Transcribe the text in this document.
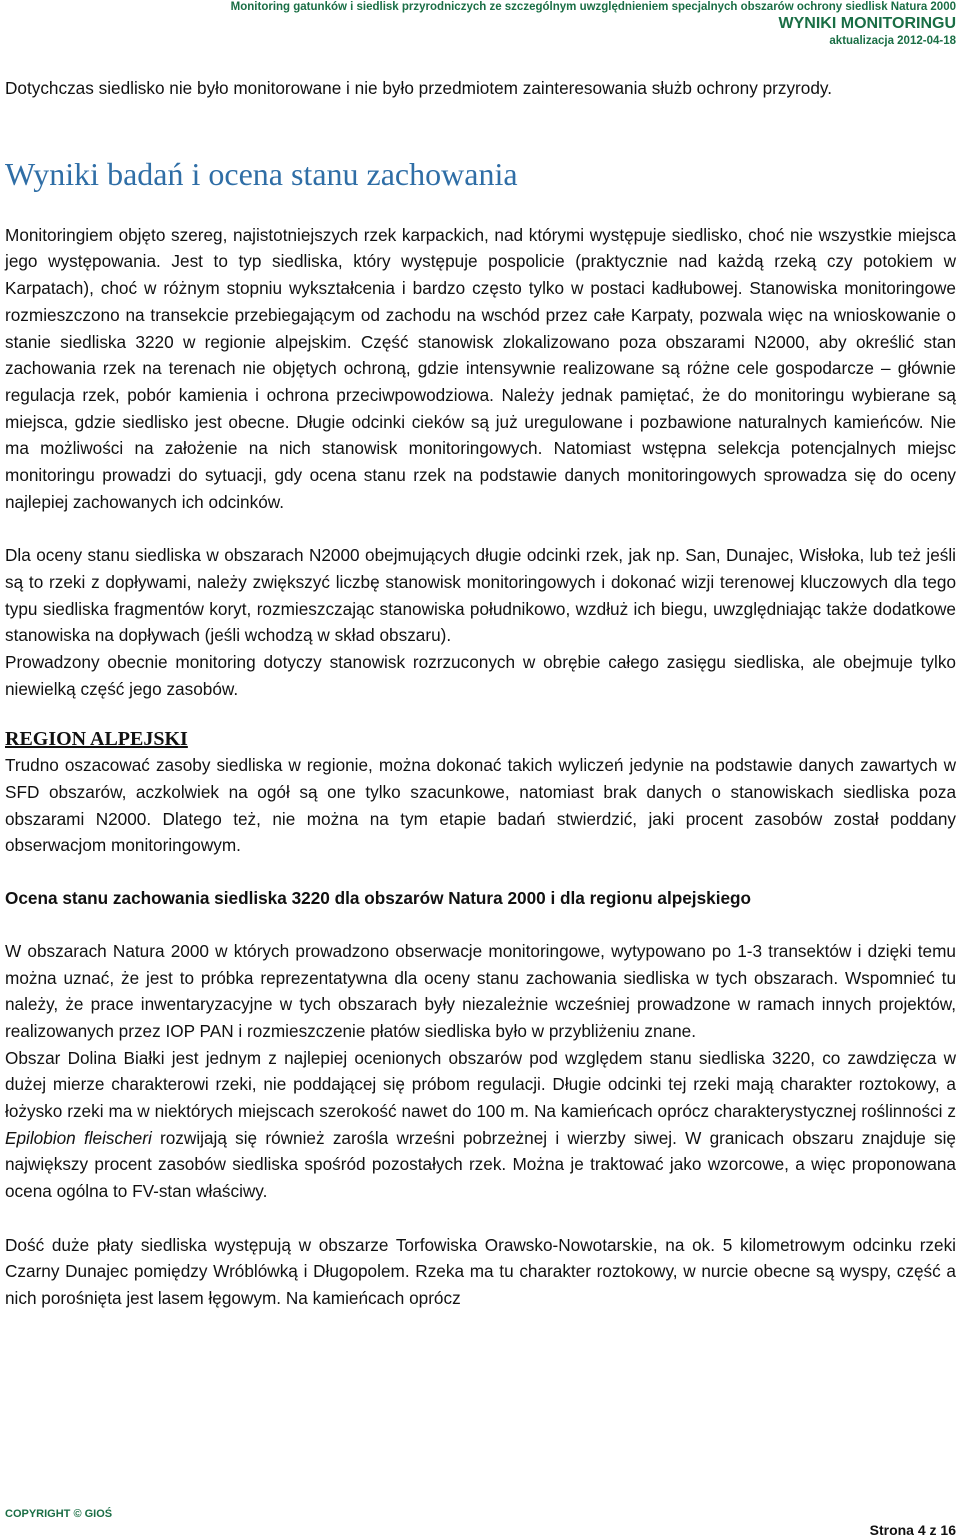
Monitoring gatunków i siedlisk przyrodniczych ze szczególnym uwzględnieniem specjalnych obszarów ochrony siedlisk Natura 2000
WYNIKI MONITORINGU
aktualizacja 2012-04-18

Dotychczas siedlisko nie było monitorowane i nie było przedmiotem zainteresowania służb ochrony przyrody.

Wyniki badań i ocena stanu zachowania

Monitoringiem objęto szereg, najistotniejszych rzek karpackich, nad którymi występuje siedlisko, choć nie wszystkie miejsca jego występowania. Jest to typ siedliska, który występuje pospolicie (praktycznie nad każdą rzeką czy potokiem w Karpatach), choć w różnym stopniu wykształcenia i bardzo często tylko w postaci kadłubowej. Stanowiska monitoringowe rozmieszczono na transekcie przebiegającym od zachodu na wschód przez całe Karpaty, pozwala więc na wnioskowanie o stanie siedliska 3220 w regionie alpejskim. Część stanowisk zlokalizowano poza obszarami N2000, aby określić stan zachowania rzek na terenach nie objętych ochroną, gdzie intensywnie realizowane są różne cele gospodarcze – głównie regulacja rzek, pobór kamienia i ochrona przeciwpowodziowa. Należy jednak pamiętać, że do monitoringu wybierane są miejsca, gdzie siedlisko jest obecne. Długie odcinki cieków są już uregulowane i pozbawione naturalnych kamieńców. Nie ma możliwości na założenie na nich stanowisk monitoringowych. Natomiast wstępna selekcja potencjalnych miejsc monitoringu prowadzi do sytuacji, gdy ocena stanu rzek na podstawie danych monitoringowych sprowadza się do oceny najlepiej zachowanych ich odcinków.

Dla oceny stanu siedliska w obszarach N2000 obejmujących długie odcinki rzek, jak np. San, Dunajec, Wisłoka, lub też jeśli są to rzeki z dopływami, należy zwiększyć liczbę stanowisk monitoringowych i dokonać wizji terenowej kluczowych dla tego typu siedliska fragmentów koryt, rozmieszczając stanowiska południkowo, wzdłuż ich biegu, uwzględniając także dodatkowe stanowiska na dopływach (jeśli wchodzą w skład obszaru).

Prowadzony obecnie monitoring dotyczy stanowisk rozrzuconych w obrębie całego zasięgu siedliska, ale obejmuje tylko niewielką część jego zasobów.

REGION ALPEJSKI

Trudno oszacować zasoby siedliska w regionie, można dokonać takich wyliczeń jedynie na podstawie danych zawartych w SFD obszarów, aczkolwiek na ogół są one tylko szacunkowe, natomiast brak danych o stanowiskach siedliska poza obszarami N2000. Dlatego też, nie można na tym etapie badań stwierdzić, jaki procent zasobów został poddany obserwacjom monitoringowym.

Ocena stanu zachowania siedliska 3220 dla obszarów Natura 2000 i dla regionu alpejskiego

W obszarach Natura 2000 w których prowadzono obserwacje monitoringowe, wytypowano po 1-3 transektów i dzięki temu można uznać, że jest to próbka reprezentatywna dla oceny stanu zachowania siedliska w tych obszarach. Wspomnieć tu należy, że prace inwentaryzacyjne w tych obszarach były niezależnie wcześniej prowadzone w ramach innych projektów, realizowanych przez IOP PAN i rozmieszczenie płatów siedliska było w przybliżeniu znane.

Obszar Dolina Białki jest jednym z najlepiej ocenionych obszarów pod względem stanu siedliska 3220, co zawdzięcza w dużej mierze charakterowi rzeki, nie poddającej się próbom regulacji. Długie odcinki tej rzeki mają charakter roztokowy, a łożysko rzeki ma w niektórych miejscach szerokość nawet do 100 m. Na kamieńcach oprócz charakterystycznej roślinności z Epilobion fleischeri rozwijają się również zarośla wrześni pobrzeżnej i wierzby siwej. W granicach obszaru znajduje się największy procent zasobów siedliska spośród pozostałych rzek. Można je traktować jako wzorcowe, a więc proponowana ocena ogólna to FV-stan właściwy.

Dość duże płaty siedliska występują w obszarze Torfowiska Orawsko-Nowotarskie, na ok. 5 kilometrowym odcinku rzeki Czarny Dunajec pomiędzy Wróblówką i Długopolem. Rzeka ma tu charakter roztokowy, w nurcie obecne są wyspy, część a nich porośnięta jest lasem łęgowym. Na kamieńcach oprócz

COPYRIGHT © GIOŚ
Strona 4 z 16
